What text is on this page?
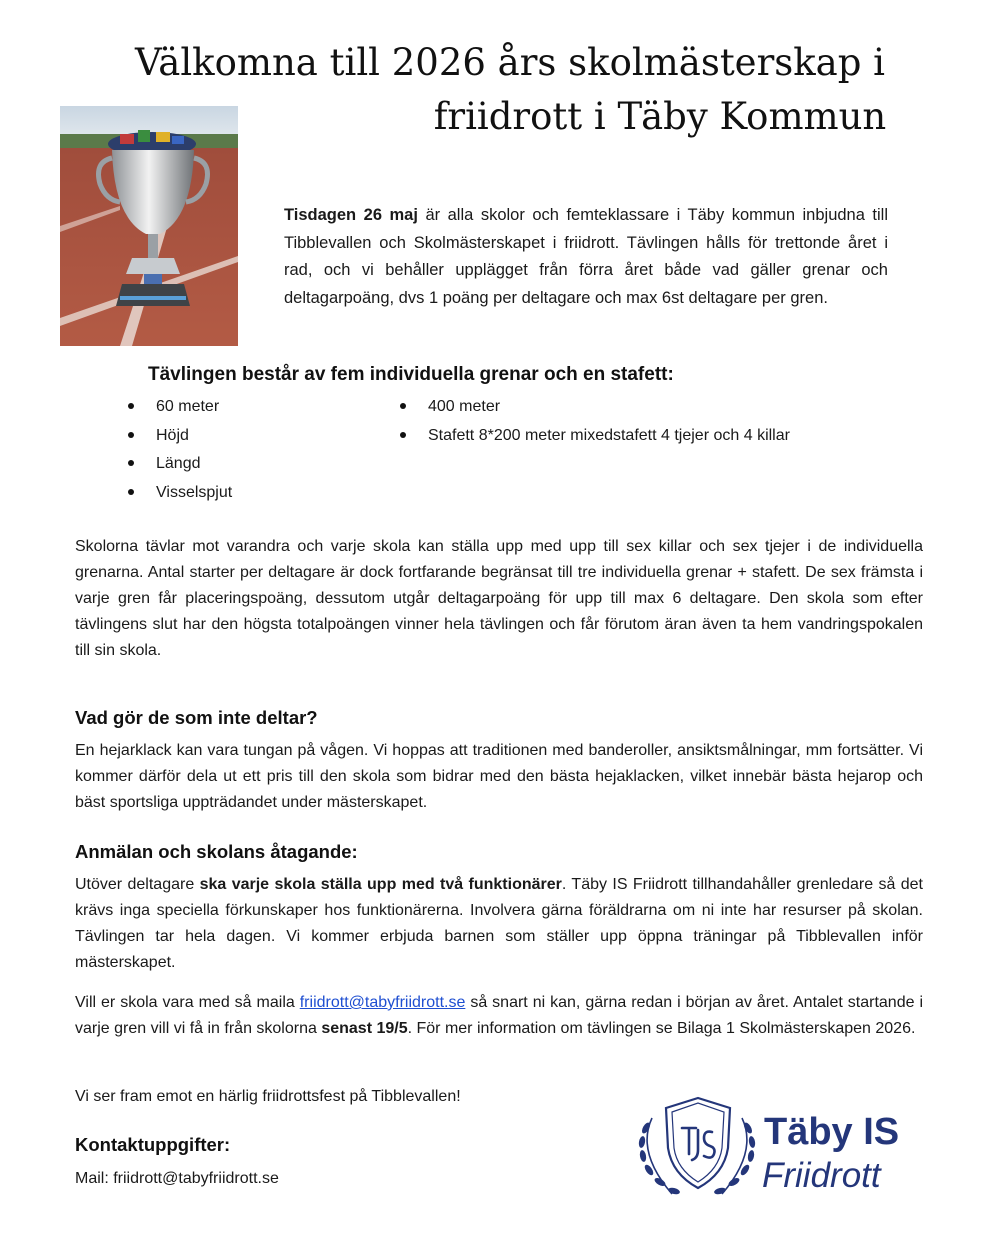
Välkomna till 2026 års skolmästerskap i
friidrott i Täby Kommun

Tisdagen 26 maj är alla skolor och femteklassare i Täby kommun inbjudna till Tibblevallen och Skolmästerskapet i friidrott. Tävlingen hålls för trettonde året i rad, och vi behåller upplägget från förra året både vad gäller grenar och deltagarpoäng, dvs 1 poäng per deltagare och max 6st deltagare per gren.

Tävlingen består av fem individuella grenar och en stafett:
60 meter
Höjd
Längd
Visselspjut
400 meter
Stafett 8*200 meter mixedstafett 4 tjejer och 4 killar

Skolorna tävlar mot varandra och varje skola kan ställa upp med upp till sex killar och sex tjejer i de individuella grenarna. Antal starter per deltagare är dock fortfarande begränsat till tre individuella grenar + stafett. De sex främsta i varje gren får placeringspoäng, dessutom utgår deltagarpoäng för upp till max 6 deltagare. Den skola som efter tävlingens slut har den högsta totalpoängen vinner hela tävlingen och får förutom äran även ta hem vandringspokalen till sin skola.

Vad gör de som inte deltar?

En hejarklack kan vara tungan på vågen. Vi hoppas att traditionen med banderoller, ansiktsmålningar, mm fortsätter. Vi kommer därför dela ut ett pris till den skola som bidrar med den bästa hejaklacken, vilket innebär bästa hejarop och bäst sportsliga uppträdandet under mästerskapet.

Anmälan och skolans åtagande:

Utöver deltagare ska varje skola ställa upp med två funktionärer. Täby IS Friidrott tillhandahåller grenledare så det krävs inga speciella förkunskaper hos funktionärerna. Involvera gärna föräldrarna om ni inte har resurser på skolan. Tävlingen tar hela dagen. Vi kommer erbjuda barnen som ställer upp öppna träningar på Tibblevallen inför mästerskapet.

Vill er skola vara med så maila friidrott@tabyfriidrott.se så snart ni kan, gärna redan i början av året. Antalet startande i varje gren vill vi få in från skolorna senast 19/5. För mer information om tävlingen se Bilaga 1 Skolmästerskapen 2026.

Vi ser fram emot en härlig friidrottsfest på Tibblevallen!

Kontaktuppgifter:

Mail: friidrott@tabyfriidrott.se

Täby IS

Friidrott
